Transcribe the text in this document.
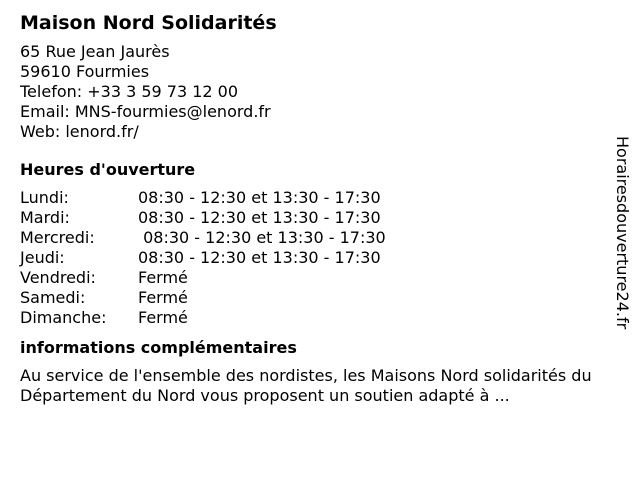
Maison Nord Solidarités
65 Rue Jean Jaurès
59610 Fourmies
Telefon: +33 3 59 73 12 00
Email: MNS-fourmies@lenord.fr
Web: lenord.fr/
Heures d'ouverture
Lundi:	08:30 - 12:30 et 13:30 - 17:30
Mardi:	08:30 - 12:30 et 13:30 - 17:30
Mercredi:	08:30 - 12:30 et 13:30 - 17:30
Jeudi:	08:30 - 12:30 et 13:30 - 17:30
Vendredi:	Fermé
Samedi:	Fermé
Dimanche:	Fermé
informations complémentaires
Au service de l'ensemble des nordistes, les Maisons Nord solidarités du Département du Nord vous proposent un soutien adapté à ...
Horairesdouverture24.fr
